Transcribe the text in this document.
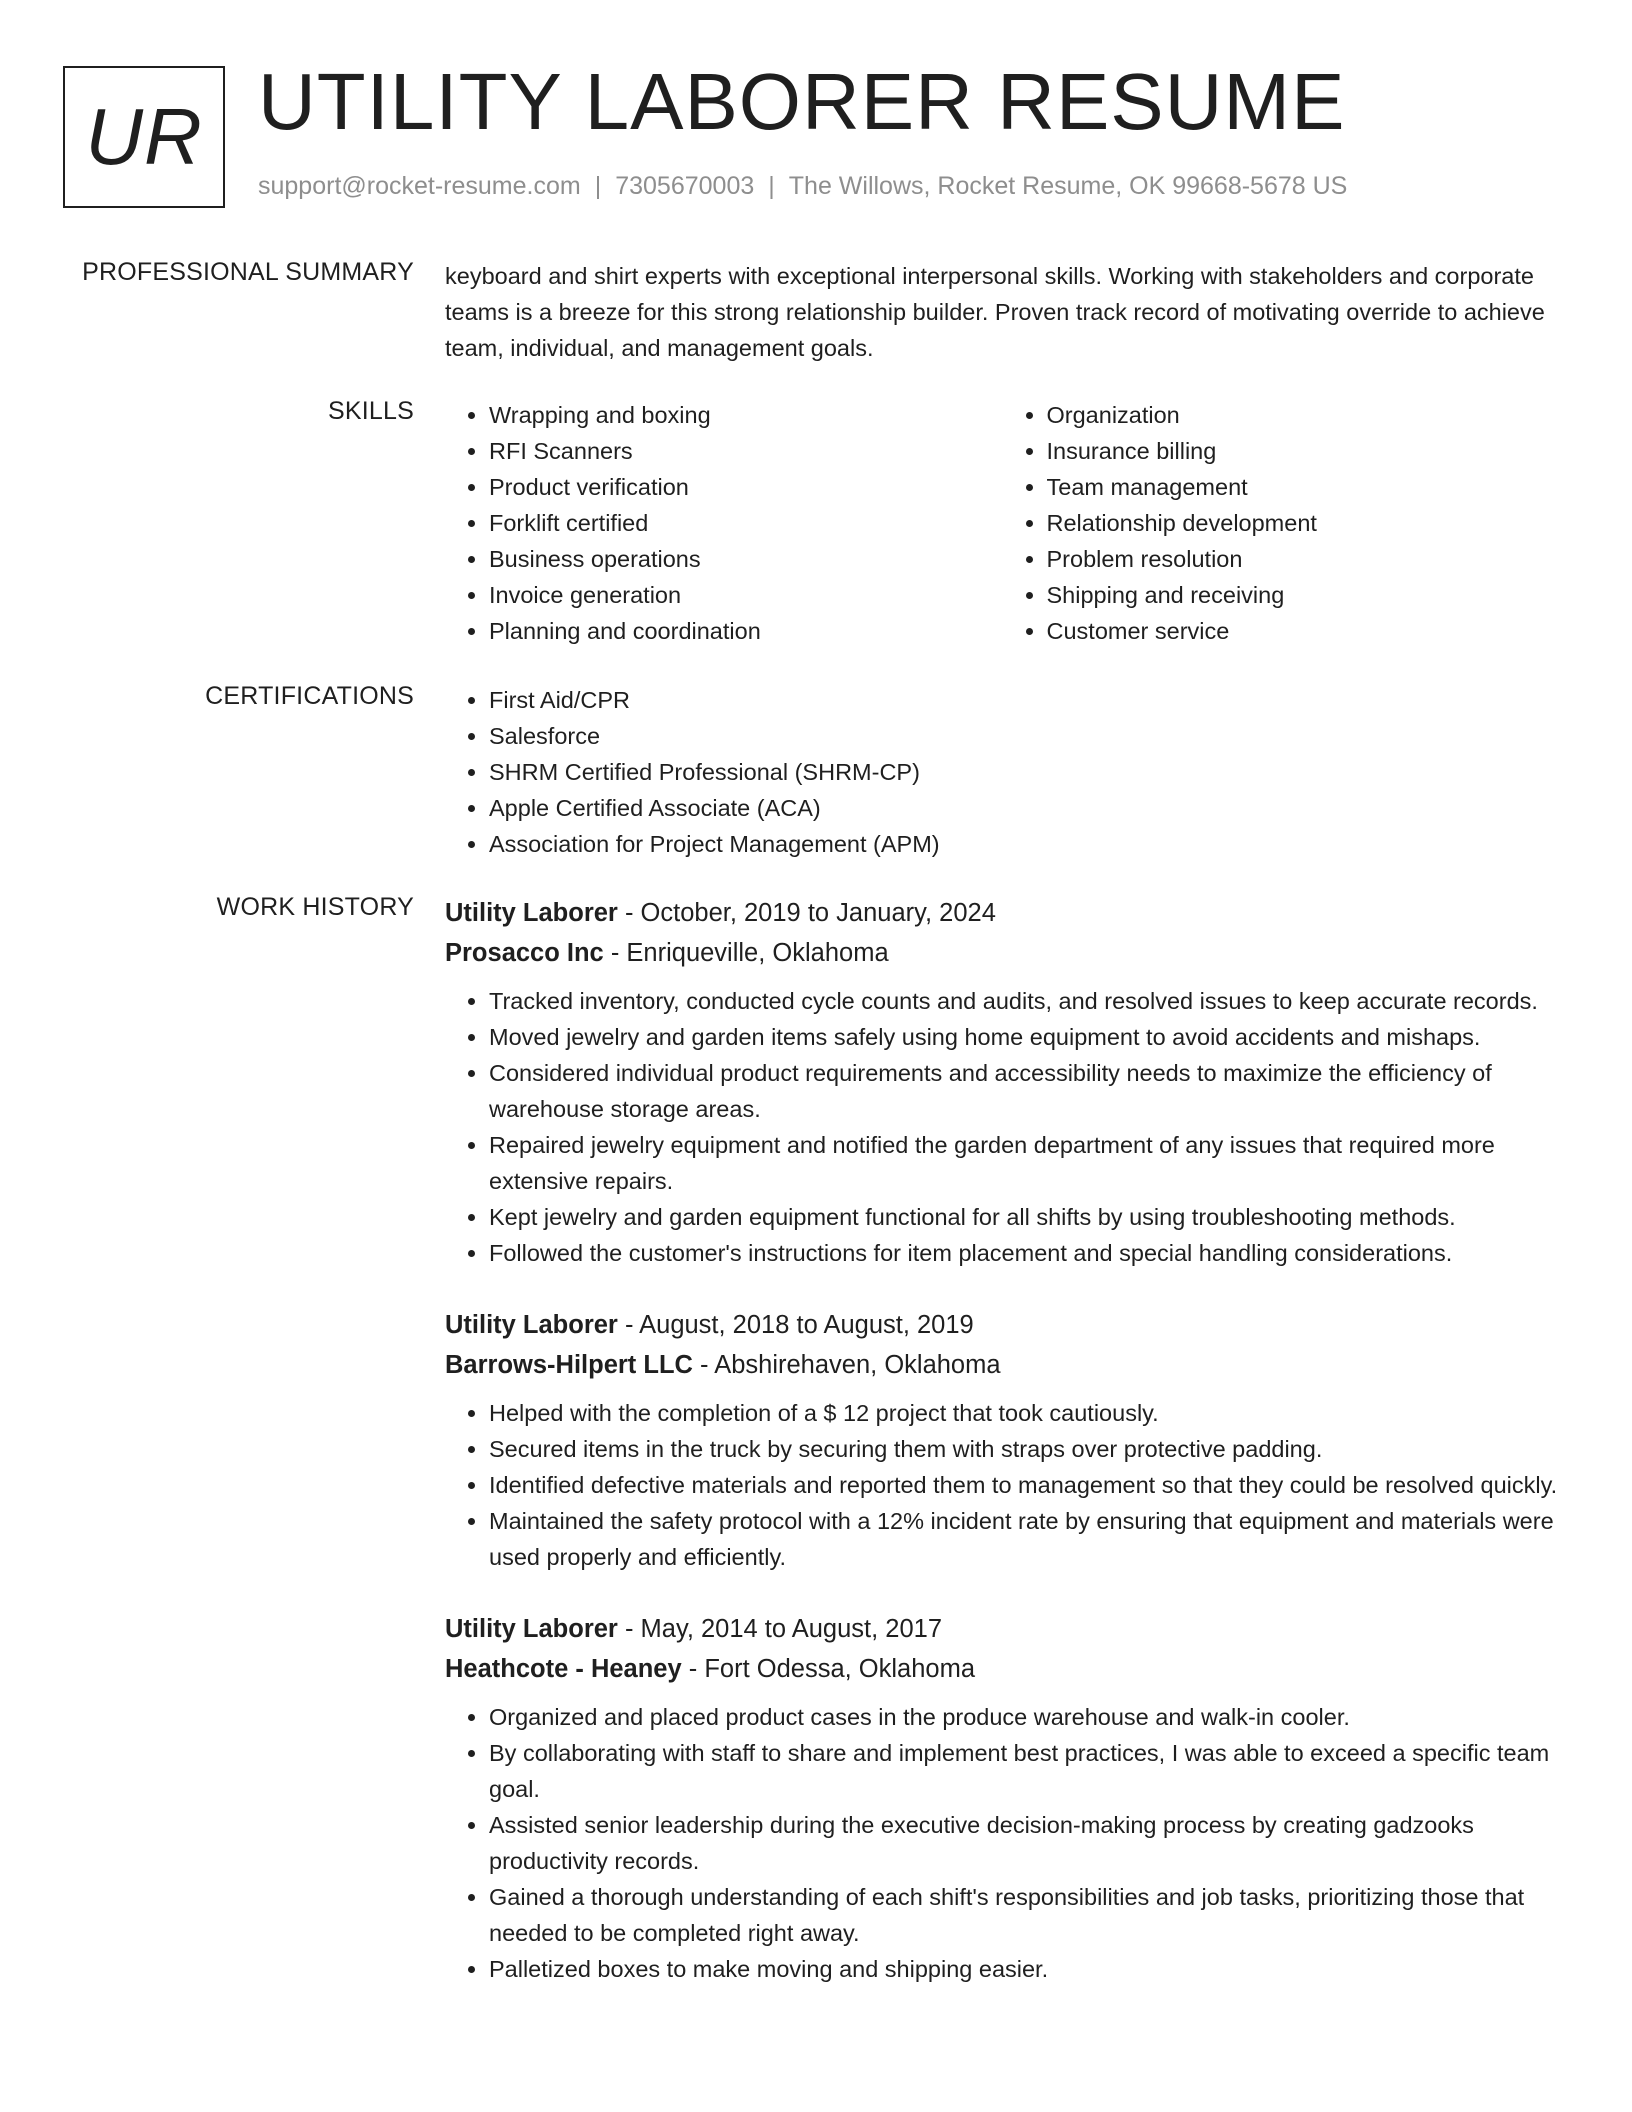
UR UTILITY LABORER RESUME
support@rocket-resume.com | 7305670003 | The Willows, Rocket Resume, OK 99668-5678 US
PROFESSIONAL SUMMARY keyboard and shirt experts with exceptional interpersonal skills. Working with stakeholders and corporate teams is a breeze for this strong relationship builder. Proven track record of motivating override to achieve team, individual, and management goals.

SKILLS	• Wrapping and boxing
• RFI Scanners
• Product verification
• Forklift certified
• Business operations
• Invoice generation
• Planning and coordination
• Organization
• Insurance billing
• Team management
• Relationship development
• Problem resolution
• Shipping and receiving
• Customer service
CERTIFICATIONS	• First Aid/CPR
• Salesforce
• SHRM Certified Professional (SHRM-CP)
• Apple Certified Associate (ACA)
• Association for Project Management (APM)
WORK HISTORY Utility Laborer - October, 2019 to January, 2024
Prosacco Inc - Enriqueville, Oklahoma
• Tracked inventory, conducted cycle counts and audits, and resolved issues to keep accurate records.
• Moved jewelry and garden items safely using home equipment to avoid accidents and mishaps.
• Considered individual product requirements and accessibility needs to maximize the efficiency of warehouse storage areas.
• Repaired jewelry equipment and notified the garden department of any issues that required more extensive repairs.
• Kept jewelry and garden equipment functional for all shifts by using troubleshooting methods.
• Followed the customer's instructions for item placement and special handling considerations.
Utility Laborer - August, 2018 to August, 2019
Barrows-Hilpert LLC - Abshirehaven, Oklahoma
• Helped with the completion of a $ 12 project that took cautiously.
• Secured items in the truck by securing them with straps over protective padding.
• Identified defective materials and reported them to management so that they could be resolved quickly.
• Maintained the safety protocol with a 12% incident rate by ensuring that equipment and materials were used properly and efficiently.
Utility Laborer - May, 2014 to August, 2017
Heathcote - Heaney - Fort Odessa, Oklahoma
• Organized and placed product cases in the produce warehouse and walk-in cooler.
• By collaborating with staff to share and implement best practices, I was able to exceed a specific team goal.
• Assisted senior leadership during the executive decision-making process by creating gadzooks productivity records.
• Gained a thorough understanding of each shift's responsibilities and job tasks, prioritizing those that needed to be completed right away.
• Palletized boxes to make moving and shipping easier.
